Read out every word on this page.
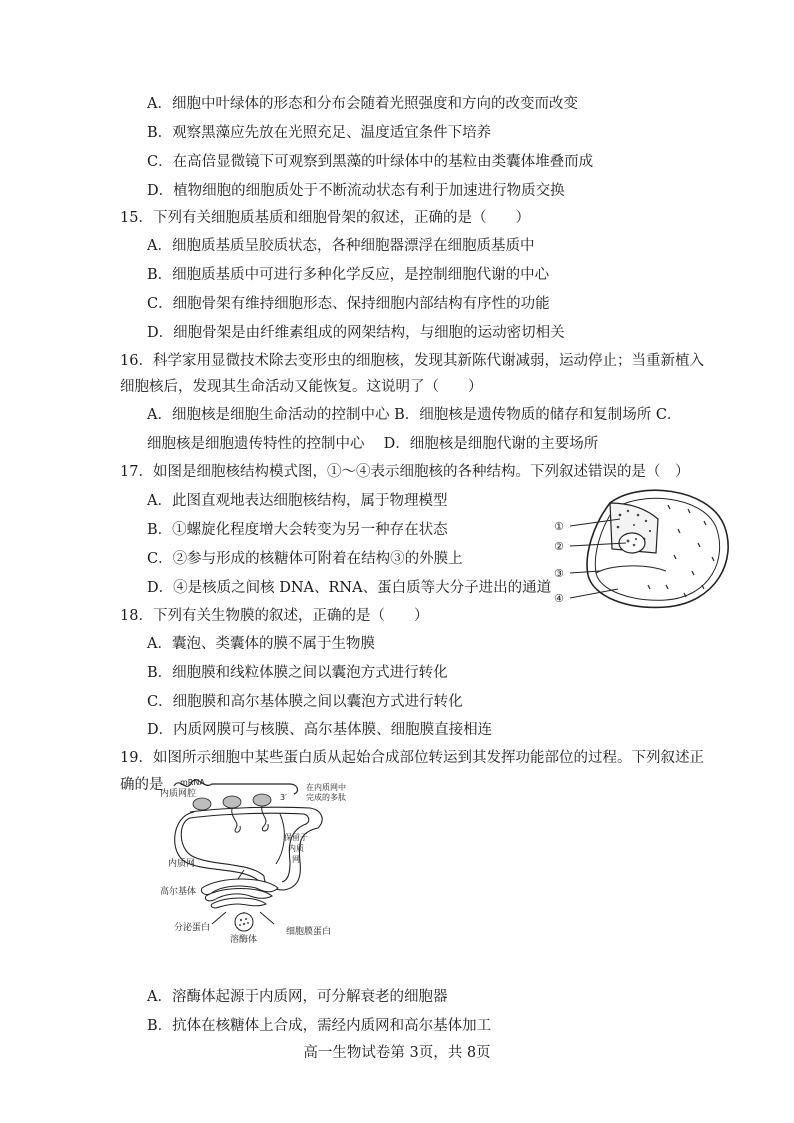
A．细胞中叶绿体的形态和分布会随着光照强度和方向的改变而改变
B．观察黑藻应先放在光照充足、温度适宜条件下培养
C．在高倍显微镜下可观察到黑藻的叶绿体中的基粒由类囊体堆叠而成
D．植物细胞的细胞质处于不断流动状态有利于加速进行物质交换
15．下列有关细胞质基质和细胞骨架的叙述，正确的是（　　）
A．细胞质基质呈胶质状态，各种细胞器漂浮在细胞质基质中
B．细胞质基质中可进行多种化学反应，是控制细胞代谢的中心
C．细胞骨架有维持细胞形态、保持细胞内部结构有序性的功能
D．细胞骨架是由纤维素组成的网架结构，与细胞的运动密切相关
16．科学家用显微技术除去变形虫的细胞核，发现其新陈代谢减弱，运动停止；当重新植入
细胞核后，发现其生命活动又能恢复。这说明了（　　）
A．细胞核是细胞生命活动的控制中心 B．细胞核是遗传物质的储存和复制场所 C．
细胞核是细胞遗传特性的控制中心　 D．细胞核是细胞代谢的主要场所
17．如图是细胞核结构模式图，①～④表示细胞核的各种结构。下列叙述错误的是（　）
A．此图直观地表达细胞核结构，属于物理模型
B．①螺旋化程度增大会转变为另一种存在状态
C．②参与形成的核糖体可附着在结构③的外膜上
D．④是核质之间核 DNA、RNA、蛋白质等大分子进出的通道
①
②
③
④
18．下列有关生物膜的叙述，正确的是（　　）
A．囊泡、类囊体的膜不属于生物膜
B．细胞膜和线粒体膜之间以囊泡方式进行转化
C．细胞膜和高尔基体膜之间以囊泡方式进行转化
D．内质网膜可与核膜、高尔基体膜、细胞膜直接相连
19．如图所示细胞中某些蛋白质从起始合成部位转运到其发挥功能部位的过程。下列叙述正
确的是 mRNA
3′
内质网腔
在内质网中
完成的多肽
保留于
内质
网
内质网
高尔基体
分泌蛋白
溶酶体
细胞膜蛋白
A．溶酶体起源于内质网，可分解衰老的细胞器
B．抗体在核糖体上合成，需经内质网和高尔基体加工
高一生物试卷第 3页，共 8页
